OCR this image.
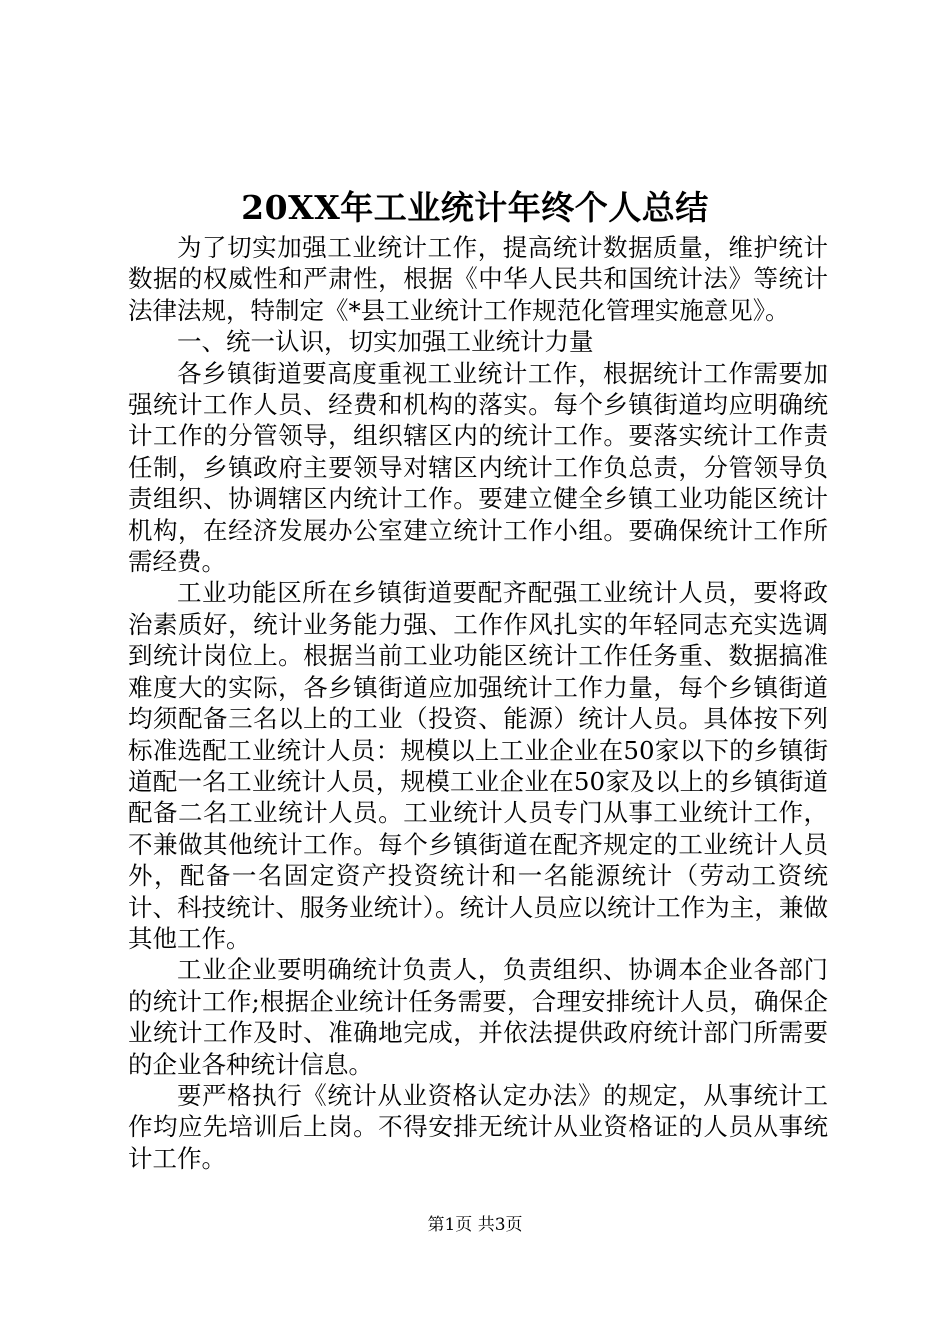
20XX年工业统计年终个人总结

为了切实加强工业统计工作，提高统计数据质量，维护统计数据的权威性和严肃性，根据《中华人民共和国统计法》等统计法律法规，特制定《*县工业统计工作规范化管理实施意见》。

一、统一认识，切实加强工业统计力量

各乡镇街道要高度重视工业统计工作，根据统计工作需要加强统计工作人员、经费和机构的落实。每个乡镇街道均应明确统计工作的分管领导，组织辖区内的统计工作。要落实统计工作责任制，乡镇政府主要领导对辖区内统计工作负总责，分管领导负责组织、协调辖区内统计工作。要建立健全乡镇工业功能区统计机构，在经济发展办公室建立统计工作小组。要确保统计工作所需经费。

工业功能区所在乡镇街道要配齐配强工业统计人员，要将政治素质好，统计业务能力强、工作作风扎实的年轻同志充实选调到统计岗位上。根据当前工业功能区统计工作任务重、数据搞准难度大的实际，各乡镇街道应加强统计工作力量，每个乡镇街道均须配备三名以上的工业（投资、能源）统计人员。具体按下列标准选配工业统计人员：规模以上工业企业在50家以下的乡镇街道配一名工业统计人员，规模工业企业在50家及以上的乡镇街道配备二名工业统计人员。工业统计人员专门从事工业统计工作，不兼做其他统计工作。每个乡镇街道在配齐规定的工业统计人员外，配备一名固定资产投资统计和一名能源统计（劳动工资统计、科技统计、服务业统计）。统计人员应以统计工作为主，兼做其他工作。

工业企业要明确统计负责人，负责组织、协调本企业各部门的统计工作;根据企业统计任务需要，合理安排统计人员，确保企业统计工作及时、准确地完成，并依法提供政府统计部门所需要的企业各种统计信息。

要严格执行《统计从业资格认定办法》的规定，从事统计工作均应先培训后上岗。不得安排无统计从业资格证的人员从事统计工作。

第1页 共3页
